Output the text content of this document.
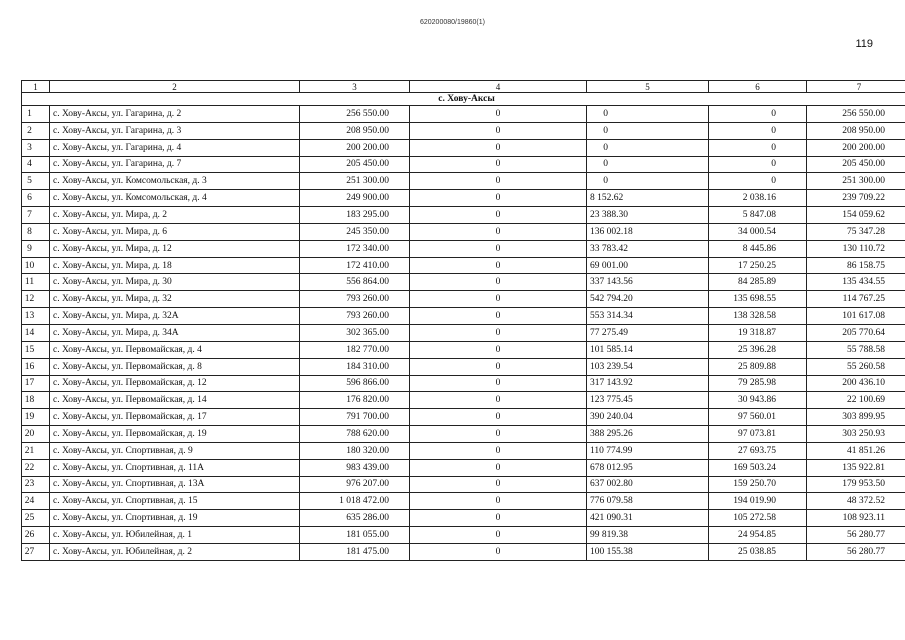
620200080/19860(1)
119
1	2	3	4	5	6	7
с. Хову-Аксы						
1	с. Хову-Аксы, ул. Гагарина, д. 2	256 550.00	0	0	0	256 550.00
2	с. Хову-Аксы, ул. Гагарина, д. 3	208 950.00	0	0	0	208 950.00
3	с. Хову-Аксы, ул. Гагарина, д. 4	200 200.00	0	0	0	200 200.00
4	с. Хову-Аксы, ул. Гагарина, д. 7	205 450.00	0	0	0	205 450.00
5	с. Хову-Аксы, ул. Комсомольская, д. 3	251 300.00	0	0	0	251 300.00
6	с. Хову-Аксы, ул. Комсомольская, д. 4	249 900.00	0	8 152.62	2 038.16	239 709.22
7	с. Хову-Аксы, ул. Мира, д. 2	183 295.00	0	23 388.30	5 847.08	154 059.62
8	с. Хову-Аксы, ул. Мира, д. 6	245 350.00	0	136 002.18	34 000.54	75 347.28
9	с. Хову-Аксы, ул. Мира, д. 12	172 340.00	0	33 783.42	8 445.86	130 110.72
10	с. Хову-Аксы, ул. Мира, д. 18	172 410.00	0	69 001.00	17 250.25	86 158.75
11	с. Хову-Аксы, ул. Мира, д. 30	556 864.00	0	337 143.56	84 285.89	135 434.55
12	с. Хову-Аксы, ул. Мира, д. 32	793 260.00	0	542 794.20	135 698.55	114 767.25
13	с. Хову-Аксы, ул. Мира, д. 32А	793 260.00	0	553 314.34	138 328.58	101 617.08
14	с. Хову-Аксы, ул. Мира, д. 34А	302 365.00	0	77 275.49	19 318.87	205 770.64
15	с. Хову-Аксы, ул. Первомайская, д. 4	182 770.00	0	101 585.14	25 396.28	55 788.58
16	с. Хову-Аксы, ул. Первомайская, д. 8	184 310.00	0	103 239.54	25 809.88	55 260.58
17	с. Хову-Аксы, ул. Первомайская, д. 12	596 866.00	0	317 143.92	79 285.98	200 436.10
18	с. Хову-Аксы, ул. Первомайская, д. 14	176 820.00	0	123 775.45	30 943.86	22 100.69
19	с. Хову-Аксы, ул. Первомайская, д. 17	791 700.00	0	390 240.04	97 560.01	303 899.95
20	с. Хову-Аксы, ул. Первомайская, д. 19	788 620.00	0	388 295.26	97 073.81	303 250.93
21	с. Хову-Аксы, ул. Спортивная, д. 9	180 320.00	0	110 774.99	27 693.75	41 851.26
22	с. Хову-Аксы, ул. Спортивная, д. 11А	983 439.00	0	678 012.95	169 503.24	135 922.81
23	с. Хову-Аксы, ул. Спортивная, д. 13А	976 207.00	0	637 002.80	159 250.70	179 953.50
24	с. Хову-Аксы, ул. Спортивная, д. 15	1 018 472.00	0	776 079.58	194 019.90	48 372.52
25	с. Хову-Аксы, ул. Спортивная, д. 19	635 286.00	0	421 090.31	105 272.58	108 923.11
26	с. Хову-Аксы, ул. Юбилейная, д. 1	181 055.00	0	99 819.38	24 954.85	56 280.77
27	с. Хову-Аксы, ул. Юбилейная, д. 2	181 475.00	0	100 155.38	25 038.85	56 280.77
